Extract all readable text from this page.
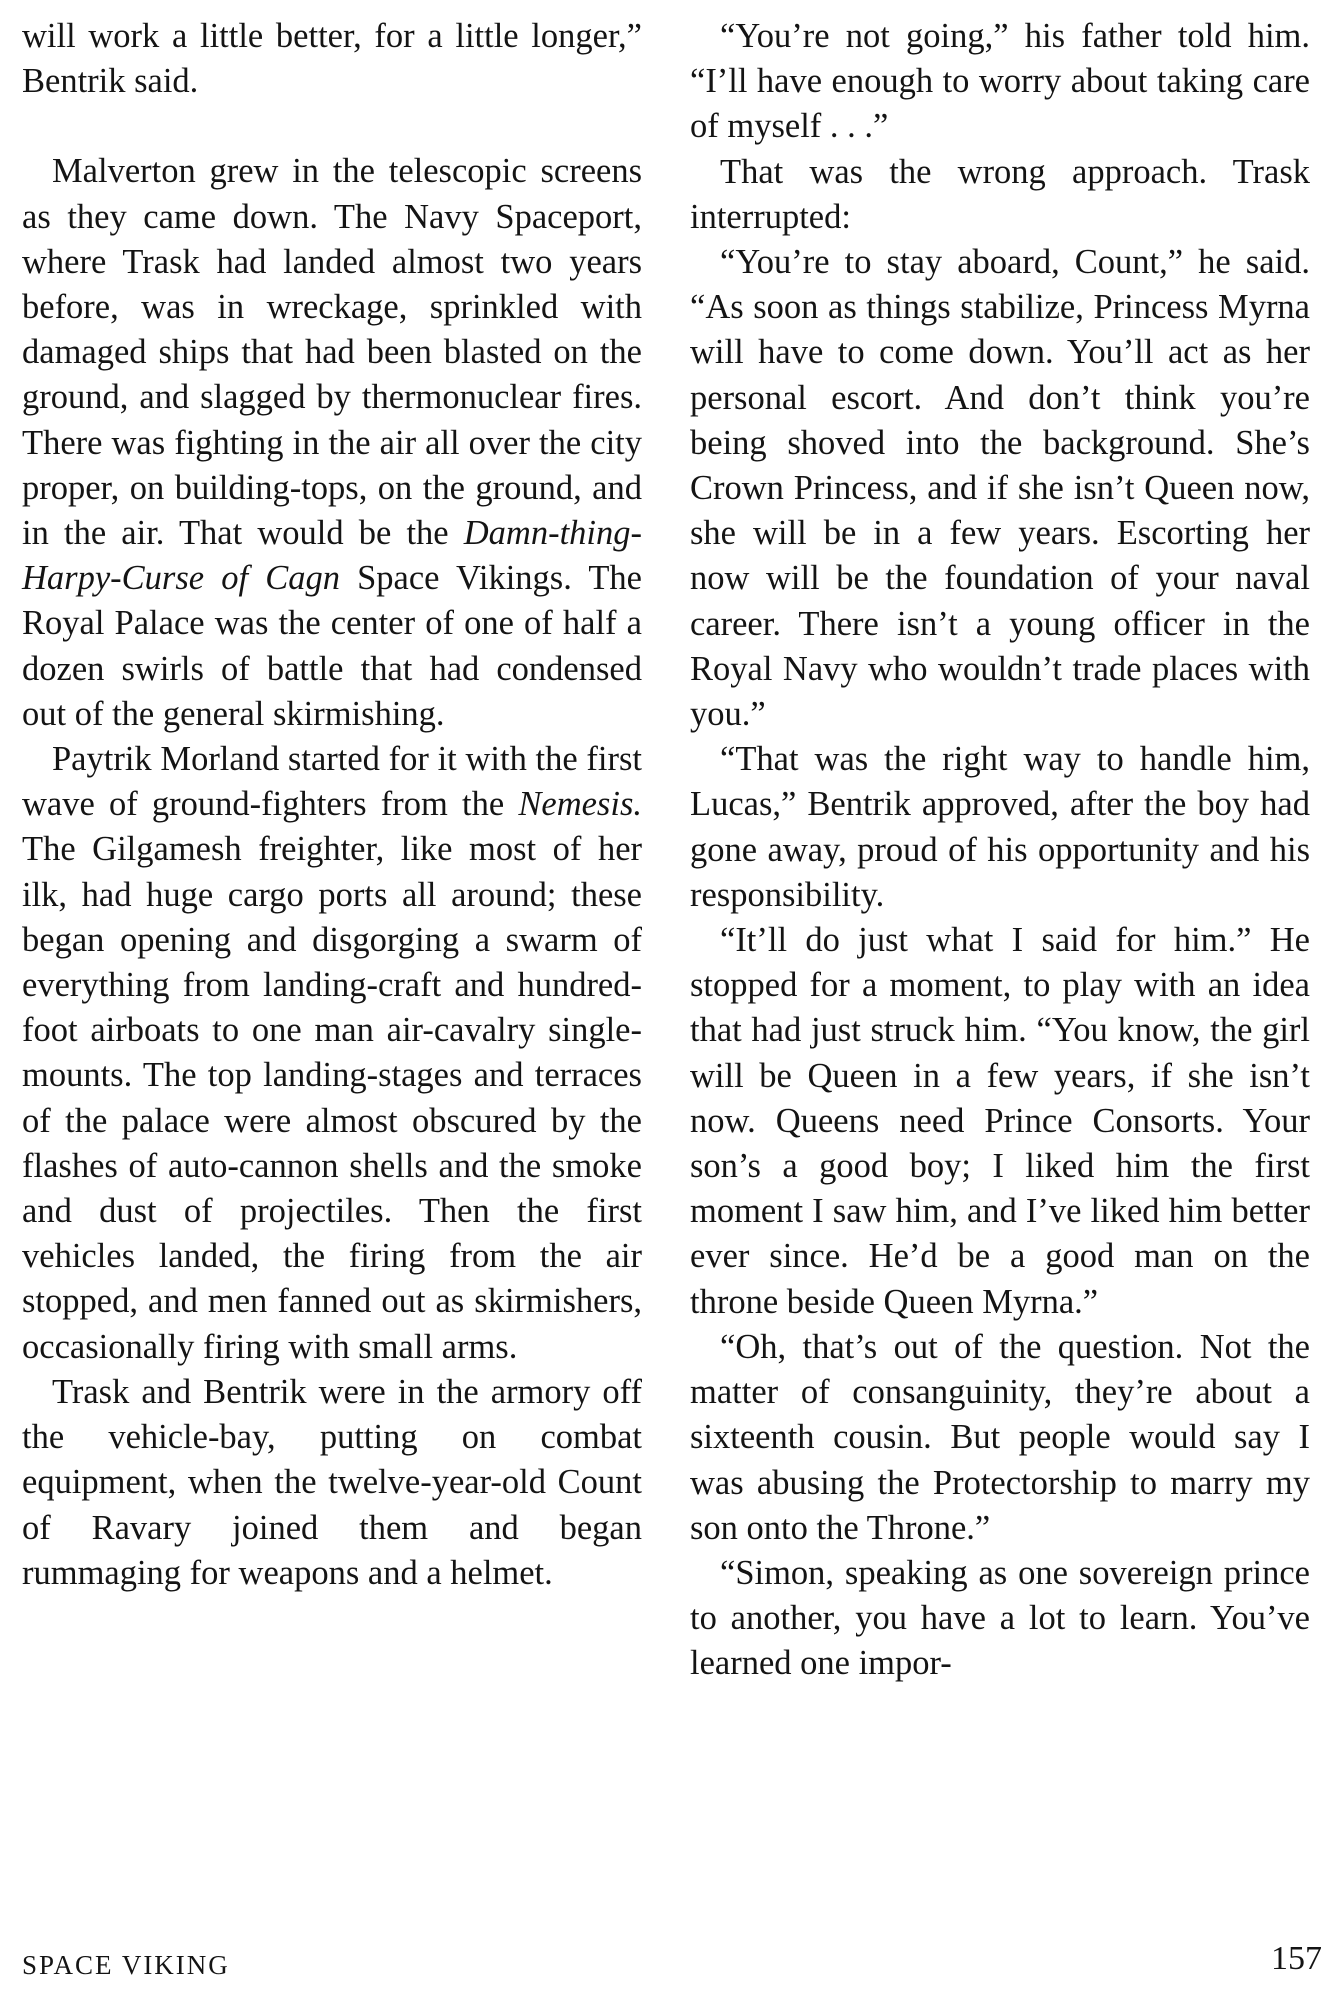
will work a little better, for a little longer,” Bentrik said.

Malverton grew in the telescopic screens as they came down. The Navy Spaceport, where Trask had landed almost two years before, was in wreckage, sprinkled with damaged ships that had been blasted on the ground, and slagged by thermonuclear fires. There was fighting in the air all over the city proper, on building-tops, on the ground, and in the air. That would be the Damn-thing-Harpy-Curse of Cagn Space Vikings. The Royal Palace was the center of one of half a dozen swirls of battle that had condensed out of the general skirmishing.

Paytrik Morland started for it with the first wave of ground-fighters from the Nemesis. The Gilgamesh freighter, like most of her ilk, had huge cargo ports all around; these began opening and disgorging a swarm of everything from landing-craft and hundred-foot airboats to one man air-cavalry single-mounts. The top landing-stages and terraces of the palace were almost obscured by the flashes of auto-cannon shells and the smoke and dust of projectiles. Then the first vehicles landed, the firing from the air stopped, and men fanned out as skirmishers, occasionally firing with small arms.

Trask and Bentrik were in the armory off the vehicle-bay, putting on combat equipment, when the twelve-year-old Count of Ravary joined them and began rummaging for weapons and a helmet.

“You’re not going,” his father told him. “I’ll have enough to worry about taking care of myself . . .”

That was the wrong approach. Trask interrupted:

“You’re to stay aboard, Count,” he said. “As soon as things stabilize, Princess Myrna will have to come down. You’ll act as her personal escort. And don’t think you’re being shoved into the background. She’s Crown Princess, and if she isn’t Queen now, she will be in a few years. Escorting her now will be the foundation of your naval career. There isn’t a young officer in the Royal Navy who wouldn’t trade places with you.”

“That was the right way to handle him, Lucas,” Bentrik approved, after the boy had gone away, proud of his opportunity and his responsibility.

“It’ll do just what I said for him.” He stopped for a moment, to play with an idea that had just struck him. “You know, the girl will be Queen in a few years, if she isn’t now. Queens need Prince Consorts. Your son’s a good boy; I liked him the first moment I saw him, and I’ve liked him better ever since. He’d be a good man on the throne beside Queen Myrna.”

“Oh, that’s out of the question. Not the matter of consanguinity, they’re about a sixteenth cousin. But people would say I was abusing the Protectorship to marry my son onto the Throne.”

“Simon, speaking as one sovereign prince to another, you have a lot to learn. You’ve learned one impor-

SPACE VIKING	157
